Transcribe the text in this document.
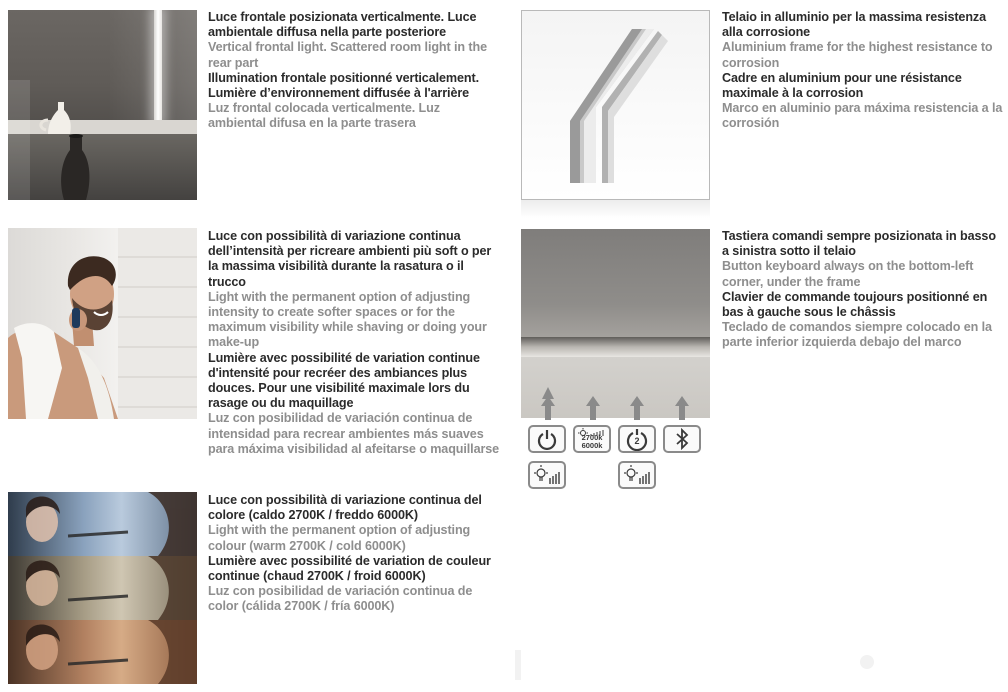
Luce frontale posizionata verticalmente. Luce ambientale diffusa nella parte posteriore

Vertical frontal light. Scattered room light in the rear part

Illumination frontale positionné verticalement. Lumière d’environnement diffusée à l'arrière

Luz frontal colocada verticalmente. Luz ambiental difusa en la parte trasera

Luce con possibilità di variazione continua dell’intensità per ricreare ambienti più soft o per la massima visibilità durante la rasatura o il trucco

Light with the permanent option of adjusting intensity to create softer spaces or for the maximum visibility while shaving or doing your make-up

Lumière avec possibilité de variation continue d'intensité pour recréer des ambiances plus douces. Pour une visibilité maximale lors du rasage ou du maquillage

Luz con posibilidad de variación continua de intensidad para recrear ambientes más suaves para máxima visibilidad al afeitarse o maquillarse

Luce con possibilità di variazione continua del colore (caldo 2700K / freddo 6000K)

Light with the permanent option of adjusting colour (warm 2700K / cold 6000K)

Lumière avec possibilité de variation de couleur continue (chaud 2700K / froid 6000K)

Luz con posibilidad de variación continua de color (cálida 2700K / fría 6000K)

Telaio in alluminio per la massima resistenza alla corrosione

Aluminium frame for the highest resistance to corrosion

Cadre en aluminium pour une résistance maximale à la corrosion

Marco en aluminio para máxima resistencia a la corrosión

2700k
6000k	2

Tastiera comandi sempre posizionata in basso a sinistra sotto il telaio

Button keyboard always on the bottom-left corner, under the frame

Clavier de commande toujours positionné en bas à gauche sous le châssis

Teclado de comandos siempre colocado en la parte inferior izquierda debajo del marco
